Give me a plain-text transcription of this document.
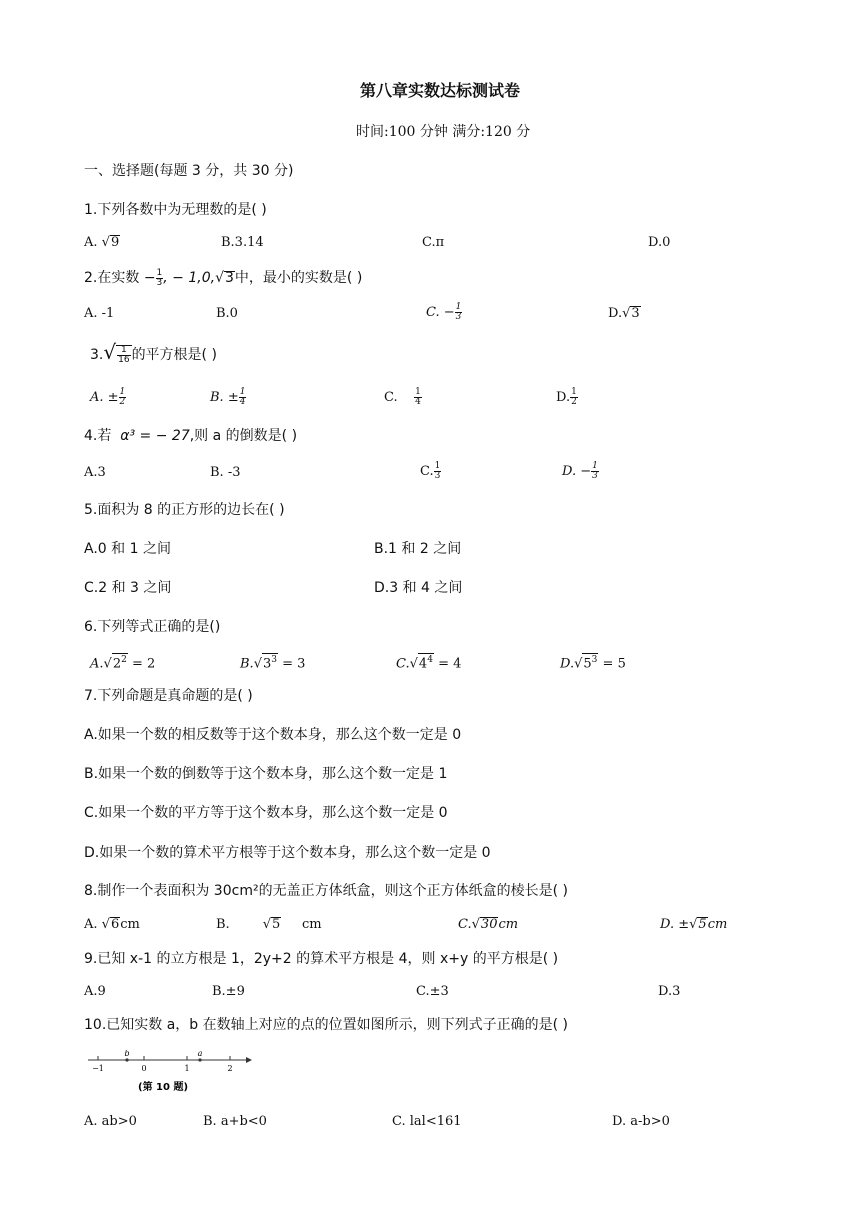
第八章实数达标测试卷
时间:100 分钟 满分:120 分
一、选择题(每题 3 分，共 30 分)
1.下列各数中为无理数的是( )
A. √9	B.3.14	C.π	D.0
2.在实数 − $\frac{1}{3}$ , − 1,0,√3中，最小的实数是( )
A. -1	B.0	C. − $\frac{1}{3}$	D.√3
$3.√ \frac{1}{16}$ 的平方根是( )
A. ± $\frac{1}{2}$	B. ± $\frac{1}{4}$	C. $\frac{1}{4}$	D. $\frac{1}{2}$
4.若 α³ = − 27,则 a 的倒数是( )
A.3	B. -3	C. $\frac{1}{3}$	D. − $\frac{1}{3}$
5.面积为 8 的正方形的边长在( )
A.0 和 1 之间	B.1 和 2 之间
C.2 和 3 之间	D.3 和 4 之间
6.下列等式正确的是()
$A.√2^2 = 2$	$B.√3^3 = 3$	$C.√4^4 = 4$	$D.√5^3 = 5$
7.下列命题是真命题的是( )
A.如果一个数的相反数等于这个数本身，那么这个数一定是 0
B.如果一个数的倒数等于这个数本身，那么这个数一定是 1
C.如果一个数的平方等于这个数本身，那么这个数一定是 0
D.如果一个数的算术平方根等于这个数本身，那么这个数一定是 0
8.制作一个表面积为 30cm²的无盖正方体纸盒，则这个正方体纸盒的棱长是( )
A. √6cm	B.        √5 cm	C.√30cm	D. ±√5cm
9.已知 x-1 的立方根是 1，2y+2 的算术平方根是 4，则 x+y 的平方根是( )
A.9	B.±9	C.±3	D.3
10.已知实数 a，b 在数轴上对应的点的位置如图所示，则下列式子正确的是( )
b	a
−1	0	1	2
(第 10 题)
A. ab>0	B. a+b<0	C. lal<161	D. a-b>0
